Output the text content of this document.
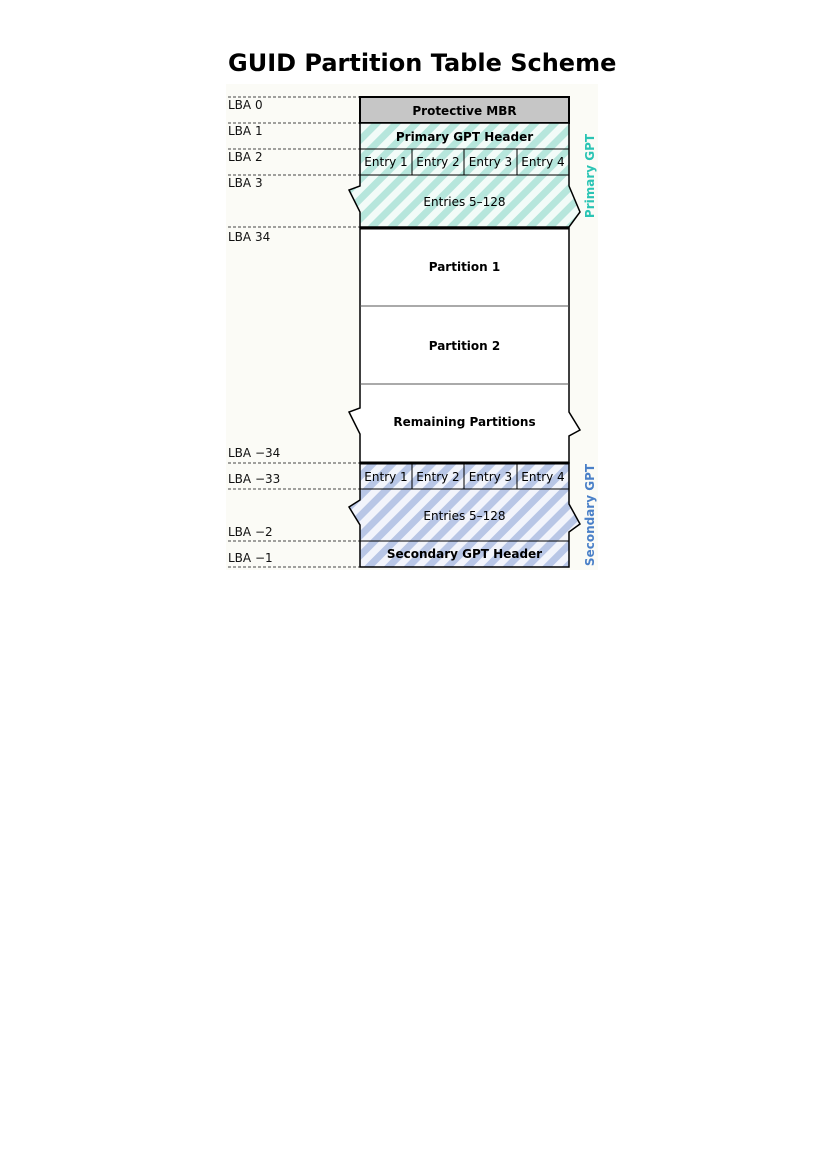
GUID Partition Table Scheme
LBA 0
LBA 1
LBA 2
LBA 3
LBA 34
LBA −34
LBA −33
LBA −2
LBA −1
Protective MBR
Primary GPT Header
Entry 1 Entry 2 Entry 3 Entry 4
Entries 5–128
Partition 1
Partition 2
Remaining Partitions
Entry 1 Entry 2 Entry 3 Entry 4
Entries 5–128
Secondary GPT Header
Primary GPT
Secondary GPT
